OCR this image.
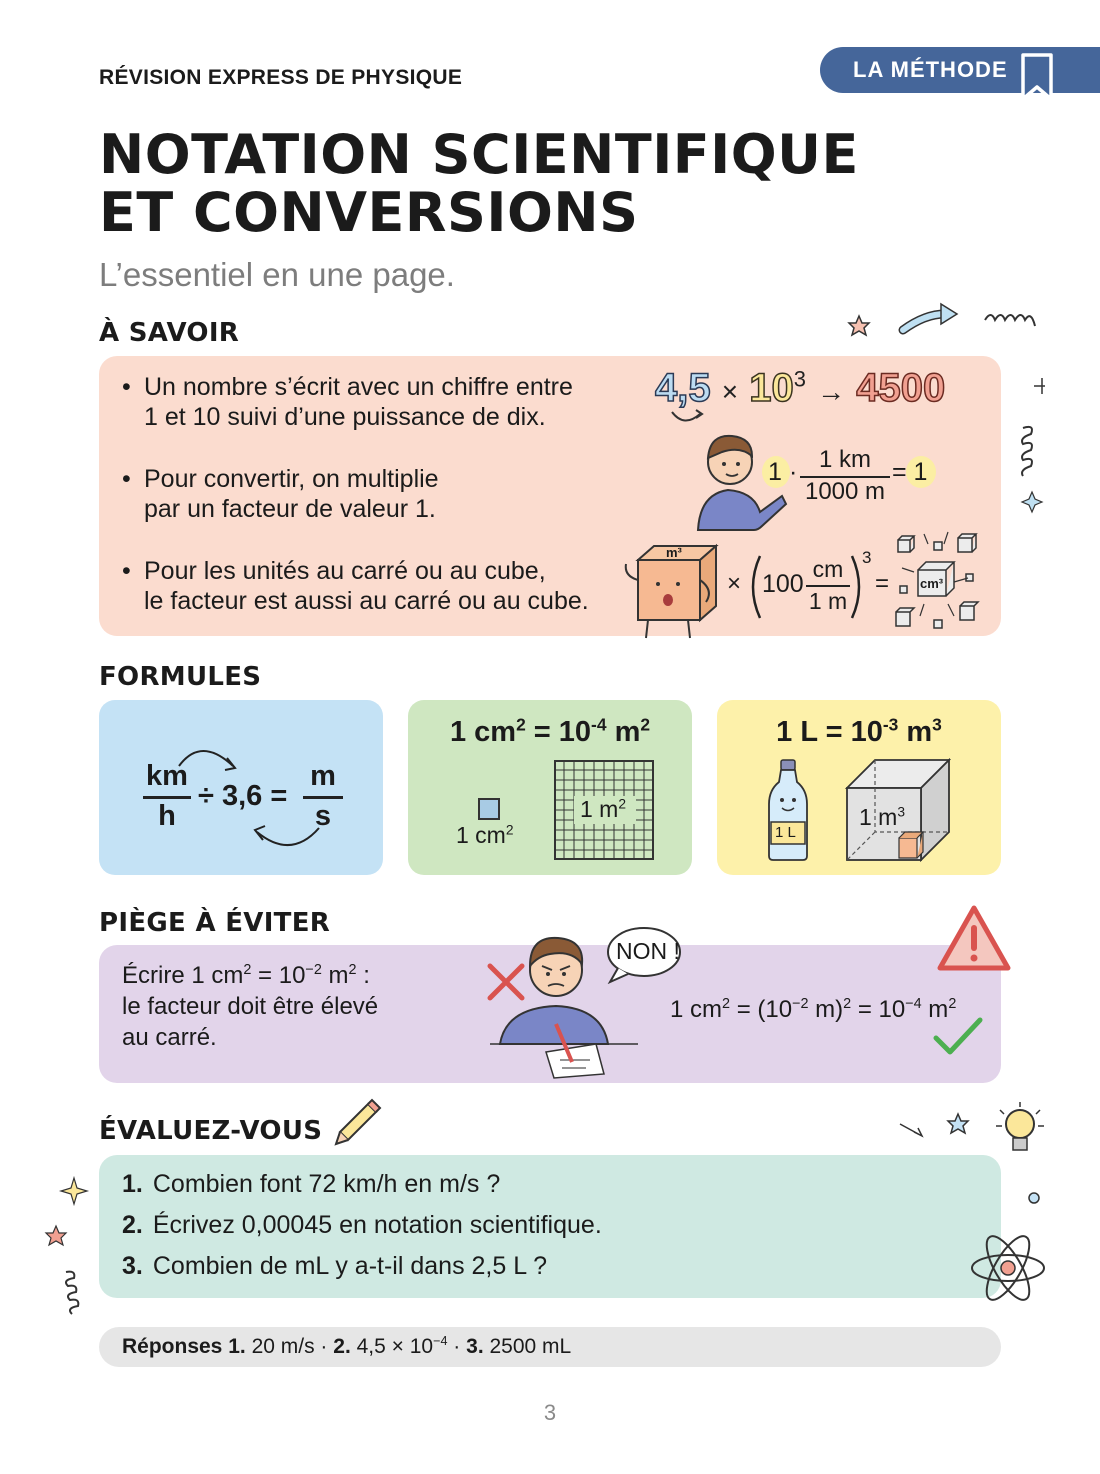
RÉVISION EXPRESS DE PHYSIQUE	LA MÉTHODE
NOTATION SCIENTIFIQUE
ET CONVERSIONS
L’essentiel en une page.
À SAVOIR
• Un nombre s’écrit avec un chiffre entre
1 et 10 suivi d’une puissance de dix.
• Pour convertir, on multiplie
par un facteur de valeur 1.
• Pour les unités au carré ou au cube,
le facteur est aussi au carré ou au cube.
$4,5 \times 10^3 \to 4500$
1 · 1 km
1000 m
= 1
m³
× 100
cm
1 m
3
= cm³
FORMULES
km
h
÷ 3,6 =
m
s
1 $cm^2 = 10^{-4}$ $m^2$
1 $cm^2$
1 $m^2$
1 $L = 10^{-3}$ $m^3$
1 L
1 $m^3$
PIÈGE À ÉVITER
Écrire 1 $cm^2 = 10^{-2}$ $m^2$ :
le facteur doit être élevé
au carré.
NON !
1 $cm^2 = (10^{-2}$ $m)^2 = 10^{-4}$ $m^2$
ÉVALUEZ-VOUS
1. Combien font 72 km/h en m/s ?
2. Écrivez 0,00045 en notation scientifique.
3. Combien de mL y a-t-il dans 2,5 L ?
Réponses 1. 20 m/s · 2. $4,5 \times 10^{-4} \cdot 3$. 2500 mL
3
